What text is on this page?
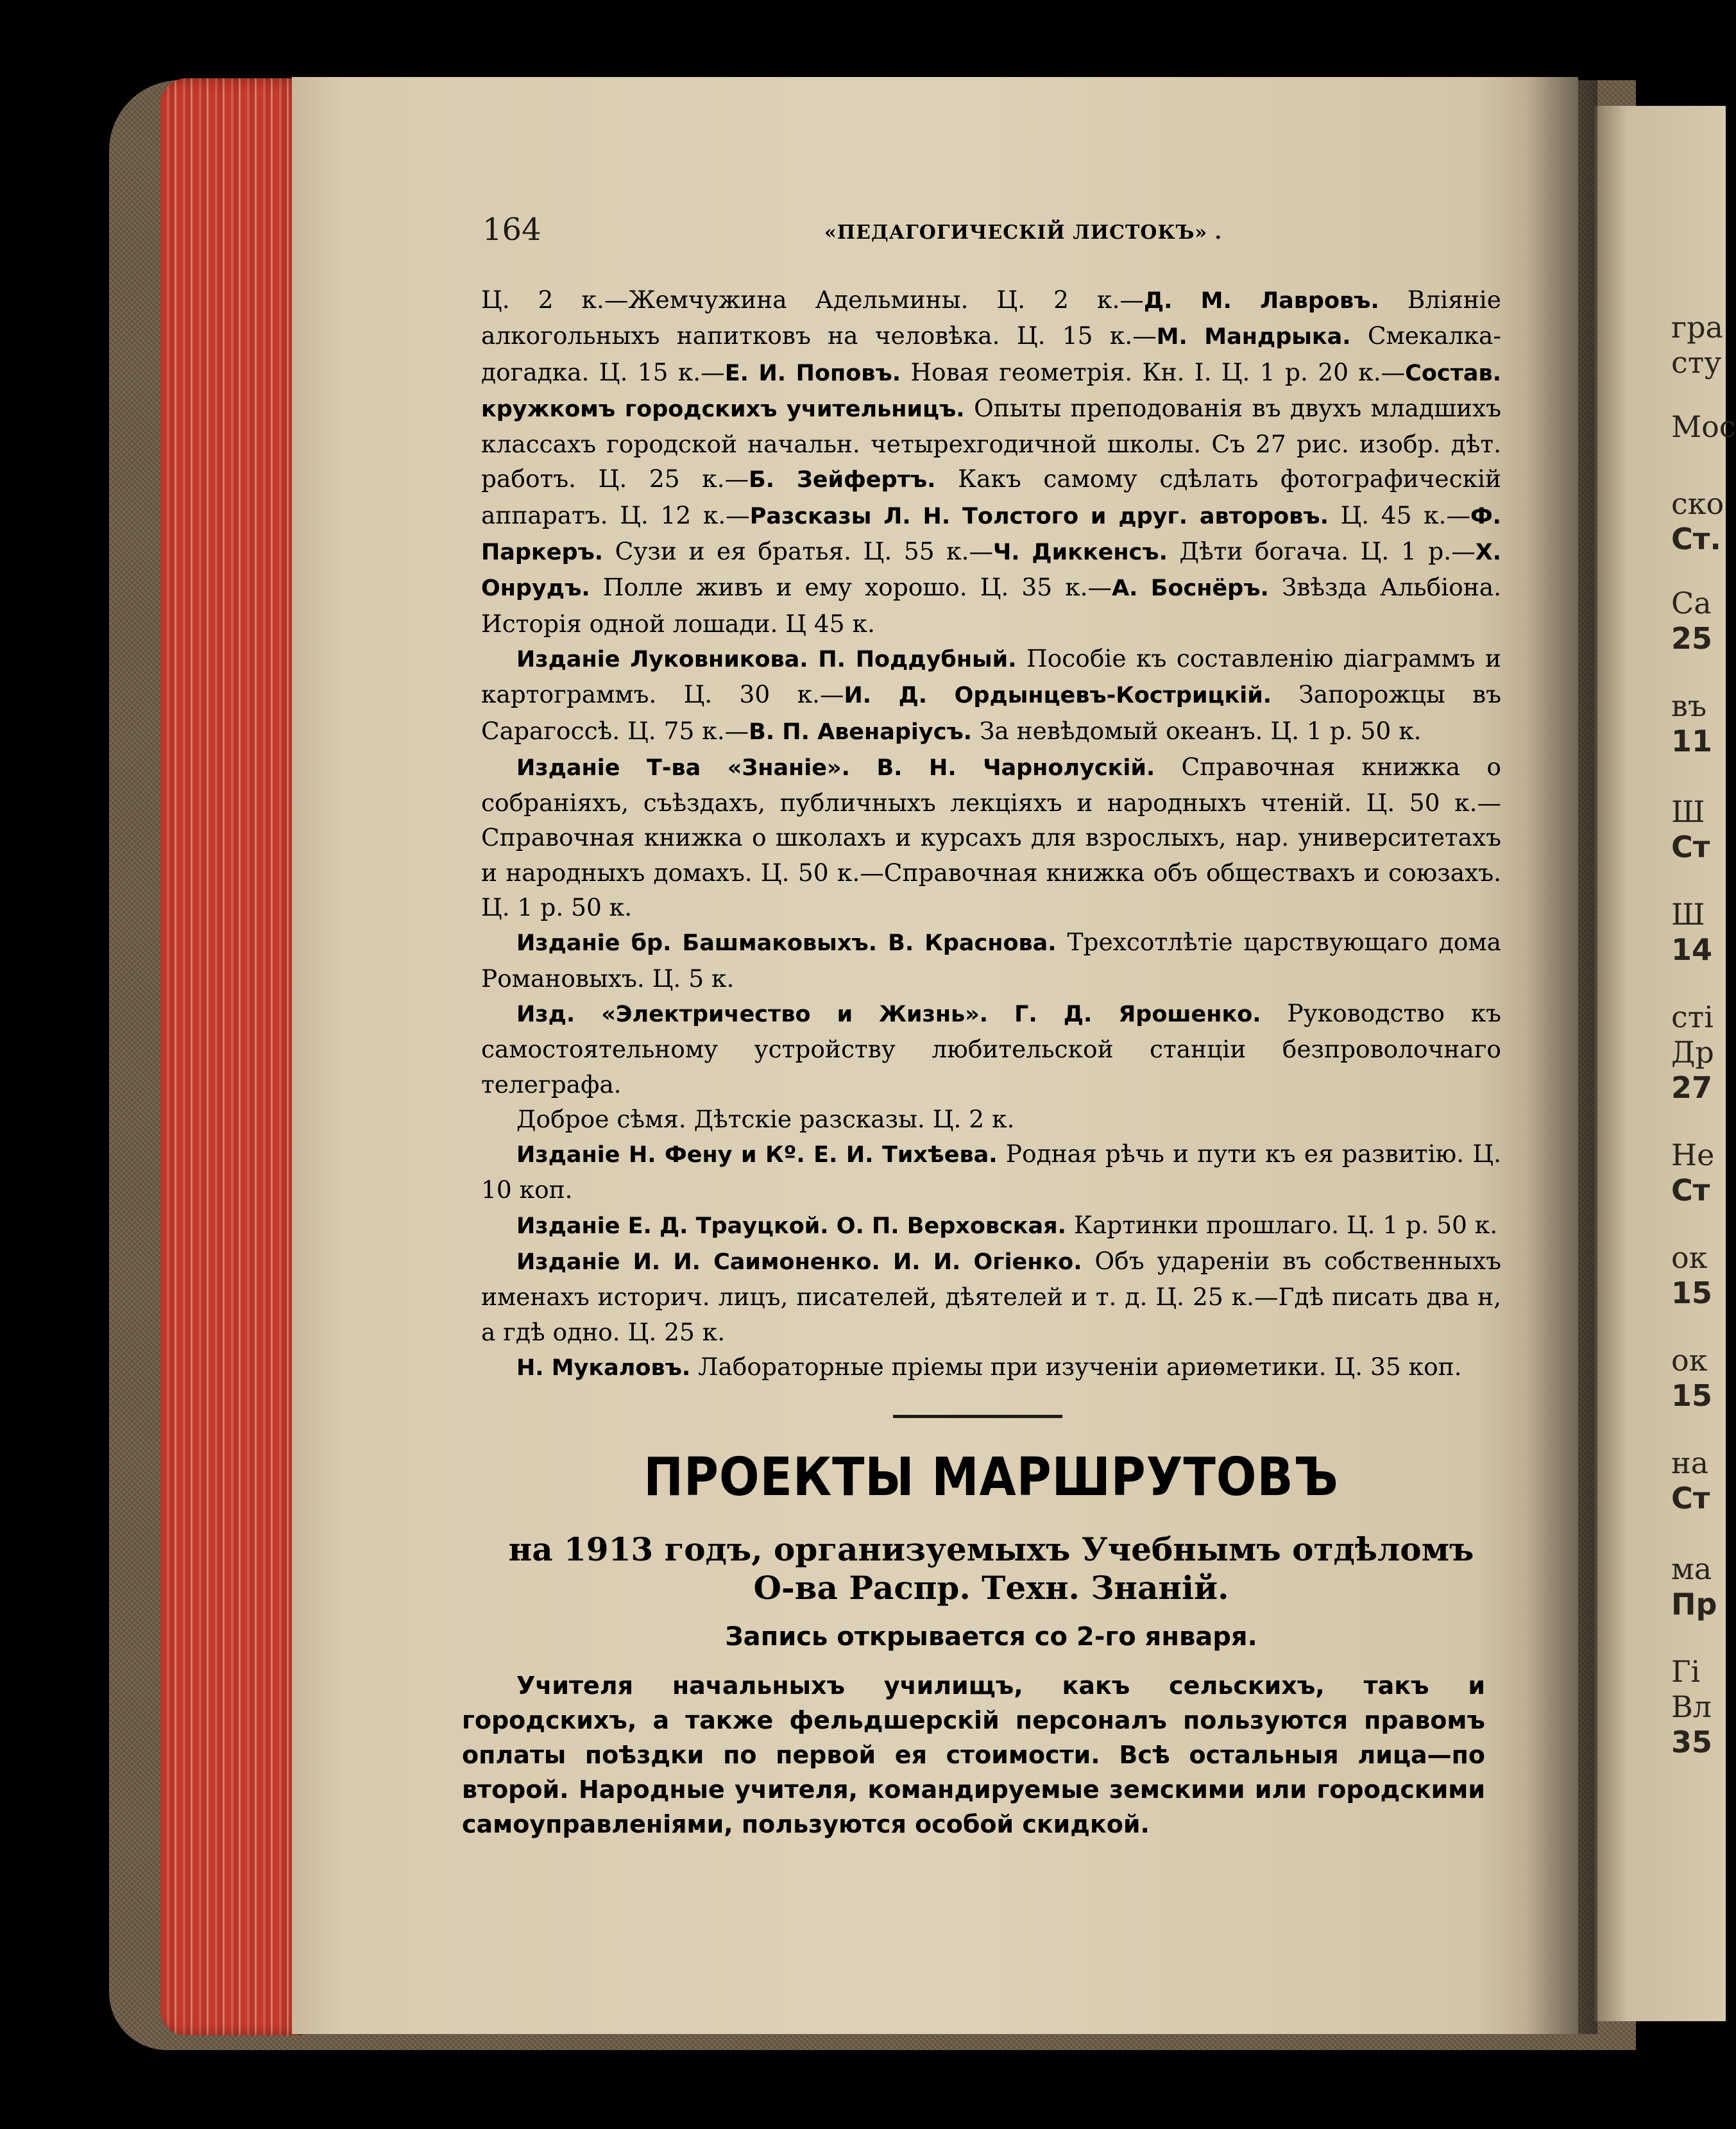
гра
сту
Мос
ско
Ст.
Са
25
въ
11
Ш
Ст
Ш
14
сті
Др
27
Не
Ст
ок
15
ок
15
на
Ст
ма
Пр
Гі
Вл
35
164	«ПЕДАГОГИЧЕСКІЙ ЛИСТОКЪ» .

Ц. 2 к.—Жемчужина Адельмины. Ц. 2 к.—Д. М. Лавровъ. Вліяніе алкогольныхъ напитковъ на человѣка. Ц. 15 к.—М. Мандрыка. Смекалка-догадка. Ц. 15 к.—Е. И. Поповъ. Новая геометрія. Кн. I. Ц. 1 р. 20 к.—Состав. кружкомъ городскихъ учительницъ. Опыты преподованія въ двухъ младшихъ классахъ городской начальн. четырехгодичной школы. Съ 27 рис. изобр. дѣт. работъ. Ц. 25 к.—Б. Зейфертъ. Какъ самому сдѣлать фотографическій аппаратъ. Ц. 12 к.—Разсказы Л. Н. Толстого и друг. авторовъ. Ц. 45 к.—Ф. Паркеръ. Сузи и ея братья. Ц. 55 к.—Ч. Диккенсъ. Дѣти богача. Ц. 1 р.—Х. Онрудъ. Полле живъ и ему хорошо. Ц. 35 к.—А. Боснёръ. Звѣзда Альбіона. Исторія одной лошади. Ц 45 к.

Изданіе Луковникова. П. Поддубный. Пособіе къ составленію діаграммъ и картограммъ. Ц. 30 к.—И. Д. Ордынцевъ-Кострицкій. Запорожцы въ Сарагоссѣ. Ц. 75 к.—В. П. Авенаріусъ. За невѣдомый океанъ. Ц. 1 р. 50 к.

Изданіе Т-ва «Знаніе». В. Н. Чарнолускій. Справочная книжка о собраніяхъ, съѣздахъ, публичныхъ лекціяхъ и народныхъ чтеній. Ц. 50 к.—Справочная книжка о школахъ и курсахъ для взрослыхъ, нар. университетахъ и народныхъ домахъ. Ц. 50 к.—Справочная книжка объ обществахъ и союзахъ. Ц. 1 р. 50 к.

Изданіе бр. Башмаковыхъ. В. Краснова. Трехсотлѣтіе царствующаго дома Романовыхъ. Ц. 5 к.

Изд. «Электричество и Жизнь». Г. Д. Ярошенко. Руководство къ самостоятельному устройству любительской станціи безпроволочнаго телеграфа.

Доброе сѣмя. Дѣтскіе разсказы. Ц. 2 к.

Изданіе Н. Фену и Кº. Е. И. Тихѣева. Родная рѣчь и пути къ ея развитію. Ц. 10 коп.

Изданіе Е. Д. Трауцкой. О. П. Верховская. Картинки прошлаго. Ц. 1 р. 50 к.

Изданіе И. И. Саимоненко. И. И. Огіенко. Объ удареніи въ собственныхъ именахъ историч. лицъ, писателей, дѣятелей и т. д. Ц. 25 к.—Гдѣ писать два н, а гдѣ одно. Ц. 25 к.

Н. Мукаловъ. Лабораторные пріемы при изученіи ариѳметики. Ц. 35 коп.

ПРОЕКТЫ МАРШРУТОВЪ
на 1913 годъ, организуемыхъ Учебнымъ отдѣломъ
О-ва Распр. Техн. Знаній.
Запись открывается со 2-го января.
Учителя начальныхъ училищъ, какъ сельскихъ, такъ и городскихъ, а также фельдшерскій персоналъ пользуются правомъ оплаты поѣздки по первой ея стоимости. Всѣ остальныя лица—по второй. Народные учителя, командируемые земскими или городскими самоуправленіями, пользуются особой скидкой.
